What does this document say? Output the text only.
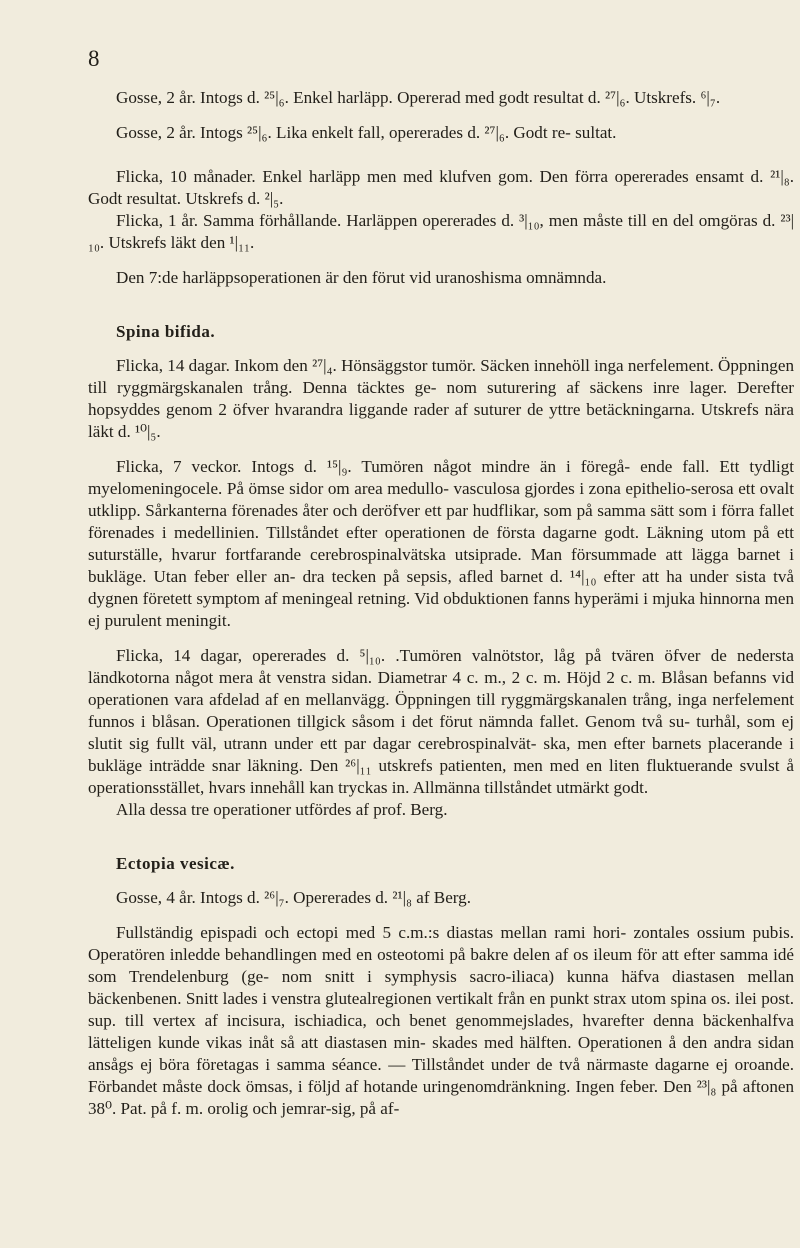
8

Gosse, 2 år. Intogs d. ²⁵|₆. Enkel harläpp. Opererad med godt resultat d. ²⁷|₆. Utskrefs. ⁶|₇.

Gosse, 2 år. Intogs ²⁵|₆. Lika enkelt fall, opererades d. ²⁷|₆. Godt re- sultat.

Flicka, 10 månader. Enkel harläpp men med klufven gom. Den förra opererades ensamt d. ²¹|₈. Godt resultat. Utskrefs d. ²|₅.

Flicka, 1 år. Samma förhållande. Harläppen opererades d. ³|₁₀, men måste till en del omgöras d. ²³|₁₀. Utskrefs läkt den ¹|₁₁.

Den 7:de harläppsoperationen är den förut vid uranoshisma omnämnda.

Spina bifida.

Flicka, 14 dagar. Inkom den ²⁷|₄. Hönsäggstor tumör. Säcken innehöll inga nerfelement. Öppningen till ryggmärgskanalen trång. Denna täcktes ge- nom suturering af säckens inre lager. Derefter hopsyddes genom 2 öfver hvarandra liggande rader af suturer de yttre betäckningarna. Utskrefs nära läkt d. ¹⁰|₅.

Flicka, 7 veckor. Intogs d. ¹⁵|₉. Tumören något mindre än i föregå- ende fall. Ett tydligt myelomeningocele. På ömse sidor om area medullo- vasculosa gjordes i zona epithelio-serosa ett ovalt utklipp. Sårkanterna förenades åter och deröfver ett par hudflikar, som på samma sätt som i förra fallet förenades i medellinien. Tillståndet efter operationen de första dagarne godt. Läkning utom på ett suturställe, hvarur fortfarande cerebrospinalvätska utsiprade. Man försummade att lägga barnet i bukläge. Utan feber eller an- dra tecken på sepsis, afled barnet d. ¹⁴|₁₀ efter att ha under sista två dygnen företett symptom af meningeal retning. Vid obduktionen fanns hyperämi i mjuka hinnorna men ej purulent meningit.

Flicka, 14 dagar, opererades d. ⁵|₁₀. .Tumören valnötstor, låg på tvären öfver de nedersta ländkotorna något mera åt venstra sidan. Diametrar 4 c. m., 2 c. m. Höjd 2 c. m. Blåsan befanns vid operationen vara afdelad af en mellanvägg. Öppningen till ryggmärgskanalen trång, inga nerfelement funnos i blåsan. Operationen tillgick såsom i det förut nämnda fallet. Genom två su- turhål, som ej slutit sig fullt väl, utrann under ett par dagar cerebrospinalvät- ska, men efter barnets placerande i bukläge inträdde snar läkning. Den ²⁶|₁₁ utskrefs patienten, men med en liten fluktuerande svulst å operationsstället, hvars innehåll kan tryckas in. Allmänna tillståndet utmärkt godt.

Alla dessa tre operationer utfördes af prof. Berg.

Ectopia vesicæ.

Gosse, 4 år. Intogs d. ²⁶|₇. Opererades d. ²¹|₈ af Berg.

Fullständig epispadi och ectopi med 5 c.m.:s diastas mellan rami hori- zontales ossium pubis. Operatören inledde behandlingen med en osteotomi på bakre delen af os ileum för att efter samma idé som Trendelenburg (ge- nom snitt i symphysis sacro-iliaca) kunna häfva diastasen mellan bäckenbenen. Snitt lades i venstra glutealregionen vertikalt från en punkt strax utom spina os. ilei post. sup. till vertex af incisura, ischiadica, och benet genommejslades, hvarefter denna bäckenhalfva lätteligen kunde vikas inåt så att diastasen min- skades med hälften. Operationen å den andra sidan ansågs ej böra företagas i samma séance. — Tillståndet under de två närmaste dagarne ej oroande. Förbandet måste dock ömsas, i följd af hotande uringenomdränkning. Ingen feber. Den ²³|₈ på aftonen 38⁰. Pat. på f. m. orolig och jemrar-sig, på af-
